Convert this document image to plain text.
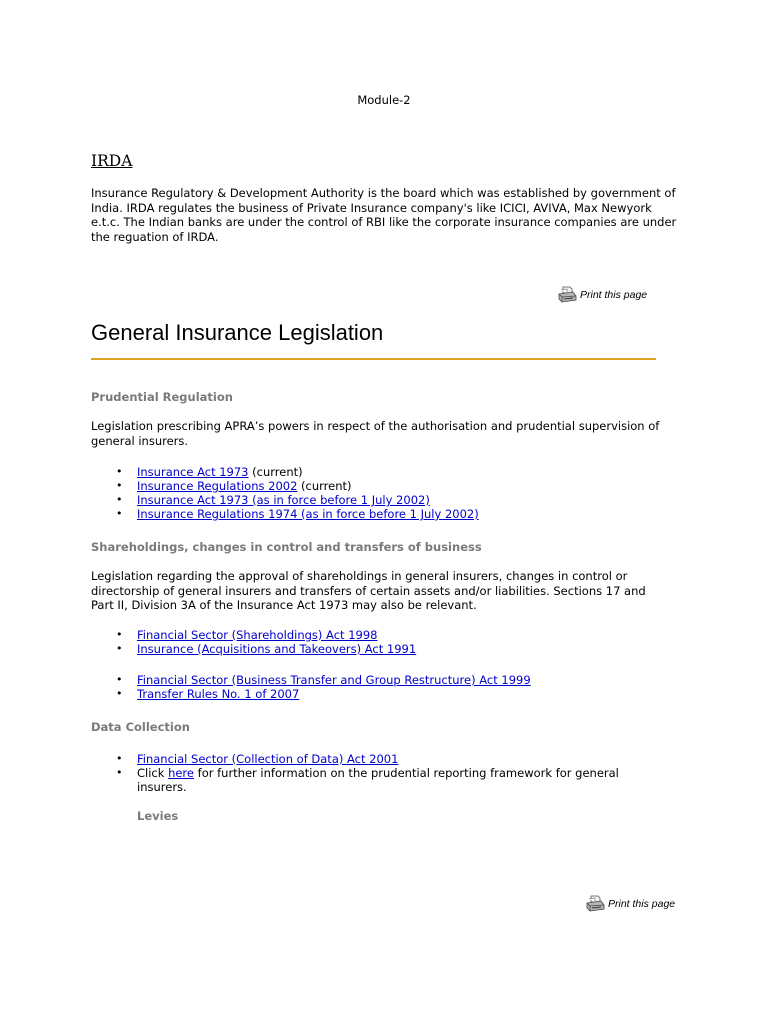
Module-2
IRDA
Insurance Regulatory & Development Authority is the board which was established by government of India. IRDA regulates the business of Private Insurance company's like ICICI, AVIVA, Max Newyork e.t.c. The Indian banks are under the control of RBI like the corporate insurance companies are under the reguation of IRDA.
Print this page
General Insurance Legislation
Prudential Regulation
Legislation prescribing APRA’s powers in respect of the authorisation and prudential supervision of general insurers.
• Insurance Act 1973 (current)
• Insurance Regulations 2002 (current)
• Insurance Act 1973 (as in force before 1 July 2002)
• Insurance Regulations 1974 (as in force before 1 July 2002)
Shareholdings, changes in control and transfers of business
Legislation regarding the approval of shareholdings in general insurers, changes in control or directorship of general insurers and transfers of certain assets and/or liabilities. Sections 17 and Part II, Division 3A of the Insurance Act 1973 may also be relevant.
• Financial Sector (Shareholdings) Act 1998
• Insurance (Acquisitions and Takeovers) Act 1991
• Financial Sector (Business Transfer and Group Restructure) Act 1999
• Transfer Rules No. 1 of 2007
Data Collection
• Financial Sector (Collection of Data) Act 2001
• Click here for further information on the prudential reporting framework for general insurers.
Levies
Print this page
